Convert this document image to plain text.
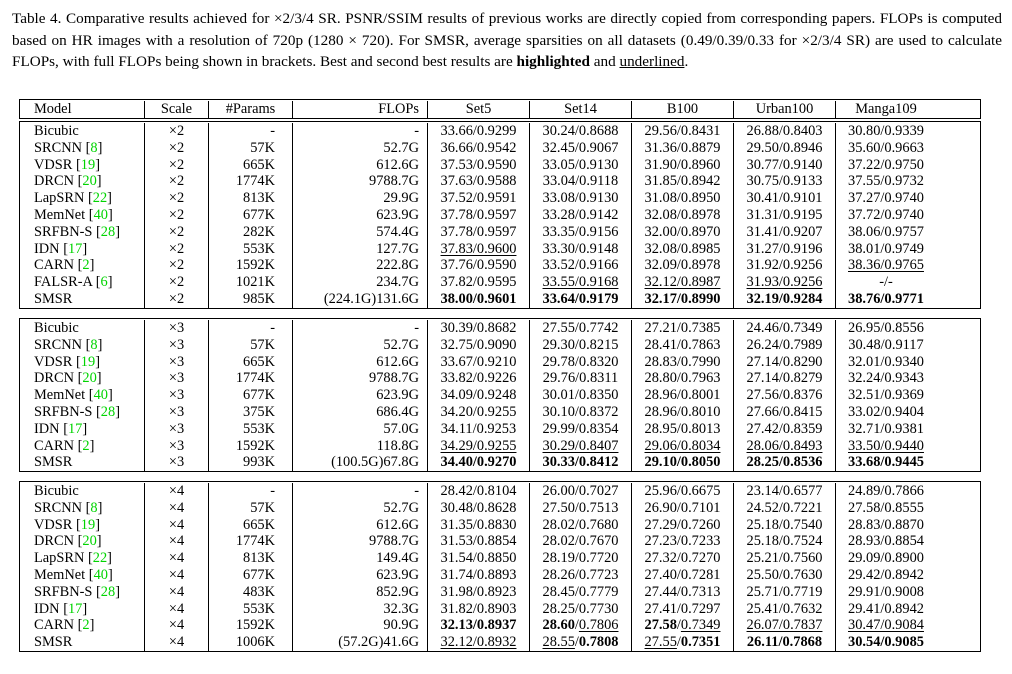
Table 4. Comparative results achieved for ×2/3/4 SR. PSNR/SSIM results of previous works are directly copied from corresponding papers. FLOPs is computed based on HR images with a resolution of 720p (1280 × 720). For SMSR, average sparsities on all datasets (0.49/0.39/0.33 for ×2/3/4 SR) are used to calculate FLOPs, with full FLOPs being shown in brackets. Best and second best results are highlighted and underlined.
Model	Scale	#Params	FLOPs	Set5	Set14	B100	Urban100	Manga109
Bicubic	×2	-	-	33.66/0.9299	30.24/0.8688	29.56/0.8431	26.88/0.8403	30.80/0.9339
SRCNN [8]	×2	57K	52.7G	36.66/0.9542	32.45/0.9067	31.36/0.8879	29.50/0.8946	35.60/0.9663
VDSR [19]	×2	665K	612.6G	37.53/0.9590	33.05/0.9130	31.90/0.8960	30.77/0.9140	37.22/0.9750
DRCN [20]	×2	1774K	9788.7G	37.63/0.9588	33.04/0.9118	31.85/0.8942	30.75/0.9133	37.55/0.9732
LapSRN [22]	×2	813K	29.9G	37.52/0.9591	33.08/0.9130	31.08/0.8950	30.41/0.9101	37.27/0.9740
MemNet [40]	×2	677K	623.9G	37.78/0.9597	33.28/0.9142	32.08/0.8978	31.31/0.9195	37.72/0.9740
SRFBN-S [28]	×2	282K	574.4G	37.78/0.9597	33.35/0.9156	32.00/0.8970	31.41/0.9207	38.06/0.9757
IDN [17]	×2	553K	127.7G	37.83/0.9600	33.30/0.9148	32.08/0.8985	31.27/0.9196	38.01/0.9749
CARN [2]	×2	1592K	222.8G	37.76/0.9590	33.52/0.9166	32.09/0.8978	31.92/0.9256	38.36/0.9765
FALSR-A [6]	×2	1021K	234.7G	37.82/0.9595	33.55/0.9168	32.12/0.8987	31.93/0.9256	-/-
SMSR	×2	985K	(224.1G)131.6G	38.00/0.9601	33.64/0.9179	32.17/0.8990	32.19/0.9284	38.76/0.9771
Bicubic	×3	-	-	30.39/0.8682	27.55/0.7742	27.21/0.7385	24.46/0.7349	26.95/0.8556
SRCNN [8]	×3	57K	52.7G	32.75/0.9090	29.30/0.8215	28.41/0.7863	26.24/0.7989	30.48/0.9117
VDSR [19]	×3	665K	612.6G	33.67/0.9210	29.78/0.8320	28.83/0.7990	27.14/0.8290	32.01/0.9340
DRCN [20]	×3	1774K	9788.7G	33.82/0.9226	29.76/0.8311	28.80/0.7963	27.14/0.8279	32.24/0.9343
MemNet [40]	×3	677K	623.9G	34.09/0.9248	30.01/0.8350	28.96/0.8001	27.56/0.8376	32.51/0.9369
SRFBN-S [28]	×3	375K	686.4G	34.20/0.9255	30.10/0.8372	28.96/0.8010	27.66/0.8415	33.02/0.9404
IDN [17]	×3	553K	57.0G	34.11/0.9253	29.99/0.8354	28.95/0.8013	27.42/0.8359	32.71/0.9381
CARN [2]	×3	1592K	118.8G	34.29/0.9255	30.29/0.8407	29.06/0.8034	28.06/0.8493	33.50/0.9440
SMSR	×3	993K	(100.5G)67.8G	34.40/0.9270	30.33/0.8412	29.10/0.8050	28.25/0.8536	33.68/0.9445
Bicubic	×4	-	-	28.42/0.8104	26.00/0.7027	25.96/0.6675	23.14/0.6577	24.89/0.7866
SRCNN [8]	×4	57K	52.7G	30.48/0.8628	27.50/0.7513	26.90/0.7101	24.52/0.7221	27.58/0.8555
VDSR [19]	×4	665K	612.6G	31.35/0.8830	28.02/0.7680	27.29/0.7260	25.18/0.7540	28.83/0.8870
DRCN [20]	×4	1774K	9788.7G	31.53/0.8854	28.02/0.7670	27.23/0.7233	25.18/0.7524	28.93/0.8854
LapSRN [22]	×4	813K	149.4G	31.54/0.8850	28.19/0.7720	27.32/0.7270	25.21/0.7560	29.09/0.8900
MemNet [40]	×4	677K	623.9G	31.74/0.8893	28.26/0.7723	27.40/0.7281	25.50/0.7630	29.42/0.8942
SRFBN-S [28]	×4	483K	852.9G	31.98/0.8923	28.45/0.7779	27.44/0.7313	25.71/0.7719	29.91/0.9008
IDN [17]	×4	553K	32.3G	31.82/0.8903	28.25/0.7730	27.41/0.7297	25.41/0.7632	29.41/0.8942
CARN [2]	×4	1592K	90.9G	32.13/0.8937	28.60/0.7806	27.58/0.7349	26.07/0.7837	30.47/0.9084
SMSR	×4	1006K	(57.2G)41.6G	32.12/0.8932	28.55/0.7808	27.55/0.7351	26.11/0.7868	30.54/0.9085
